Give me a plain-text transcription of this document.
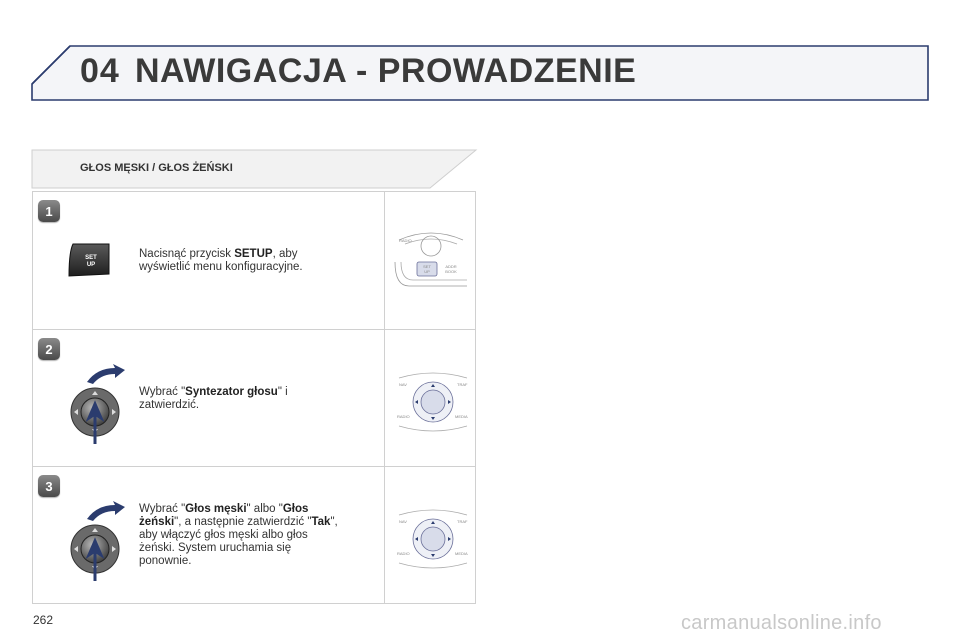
04 NAWIGACJA - PROWADZENIE
GŁOS MĘSKI / GŁOS ŻEŃSKI
1
SET
UP
Nacisnąć przycisk SETUP, aby wyświetlić menu konfiguracyjne.
RADIO
SET
UP
ADDR
BOOK
2
Wybrać "Syntezator głosu" i zatwierdzić.
NAV	TRAF
RADIO	MEDIA
3
Wybrać "Głos męski" albo "Głos żeński", a następnie zatwierdzić "Tak", aby włączyć głos męski albo głos żeński. System uruchamia się ponownie.
NAV	TRAF
RADIO	MEDIA
262	carmanualsonline.info
